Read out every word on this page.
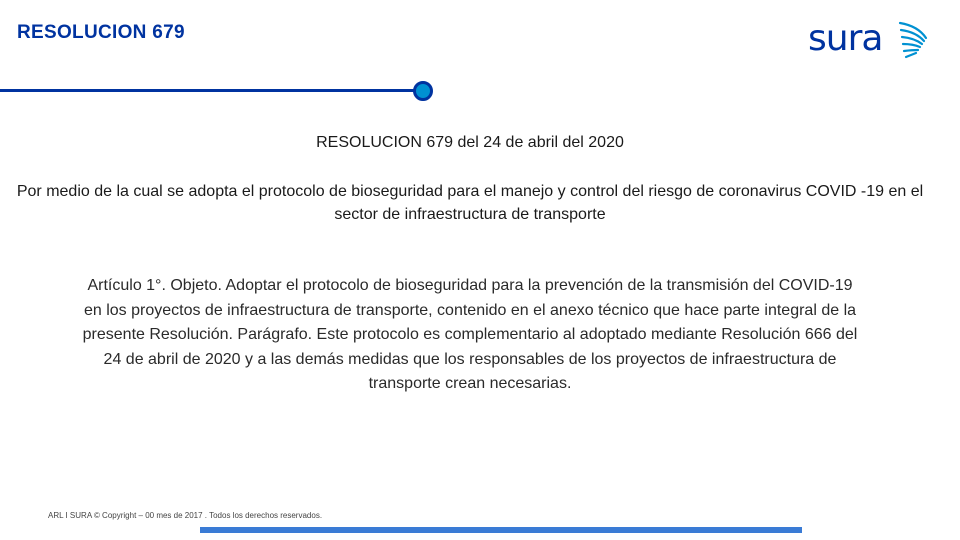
RESOLUCION 679	sura
RESOLUCION 679 del 24 de abril del 2020
Por medio de la cual se adopta el protocolo de bioseguridad para el manejo y control del riesgo de coronavirus COVID -19 en el sector de infraestructura de transporte
Artículo 1°. Objeto. Adoptar el protocolo de bioseguridad para la prevención de la transmisión del COVID-19 en los proyectos de infraestructura de transporte, contenido en el anexo técnico que hace parte integral de la presente Resolución. Parágrafo. Este protocolo es complementario al adoptado mediante Resolución 666 del 24 de abril de 2020 y a las demás medidas que los responsables de los proyectos de infraestructura de transporte crean necesarias.
ARL I SURA © Copyright – 00 mes de 2017 . Todos los derechos reservados.
